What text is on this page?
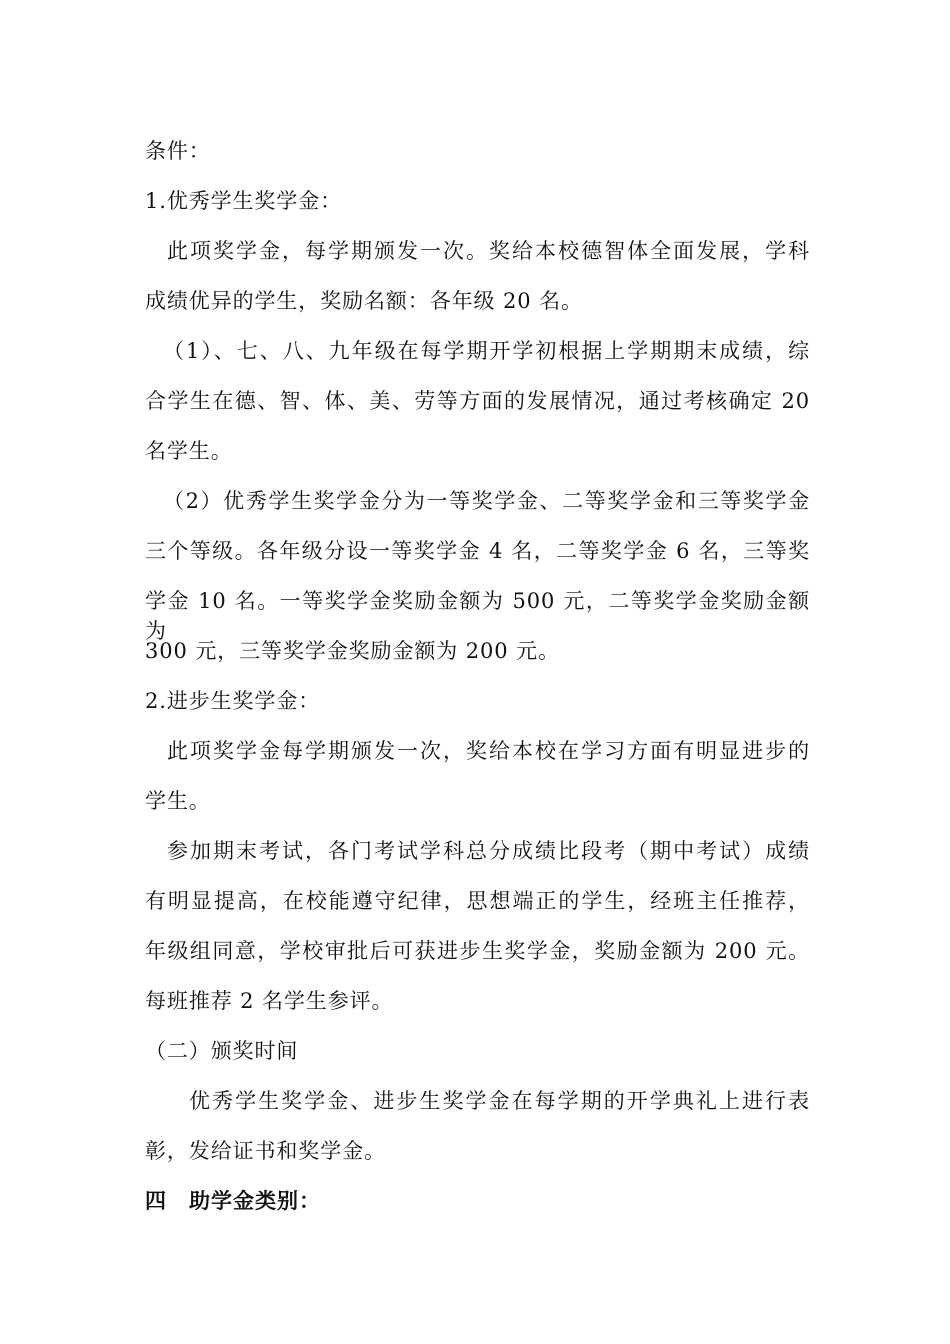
条件：
1.优秀学生奖学金：
此项奖学金，每学期颁发一次。奖给本校德智体全面发展，学科
成绩优异的学生，奖励名额：各年级 20 名。
（1）、七、八、九年级在每学期开学初根据上学期期末成绩，综
合学生在德、智、体、美、劳等方面的发展情况，通过考核确定 20
名学生。
（2）优秀学生奖学金分为一等奖学金、二等奖学金和三等奖学金
三个等级。各年级分设一等奖学金 4 名，二等奖学金 6 名，三等奖
学金 10 名。一等奖学金奖励金额为 500 元，二等奖学金奖励金额为
300 元，三等奖学金奖励金额为 200 元。
2.进步生奖学金：
此项奖学金每学期颁发一次，奖给本校在学习方面有明显进步的
学生。
参加期末考试，各门考试学科总分成绩比段考（期中考试）成绩
有明显提高，在校能遵守纪律，思想端正的学生，经班主任推荐，
年级组同意，学校审批后可获进步生奖学金，奖励金额为 200 元。
每班推荐 2 名学生参评。
（二）颁奖时间
优秀学生奖学金、进步生奖学金在每学期的开学典礼上进行表
彰，发给证书和奖学金。
四　助学金类别：
